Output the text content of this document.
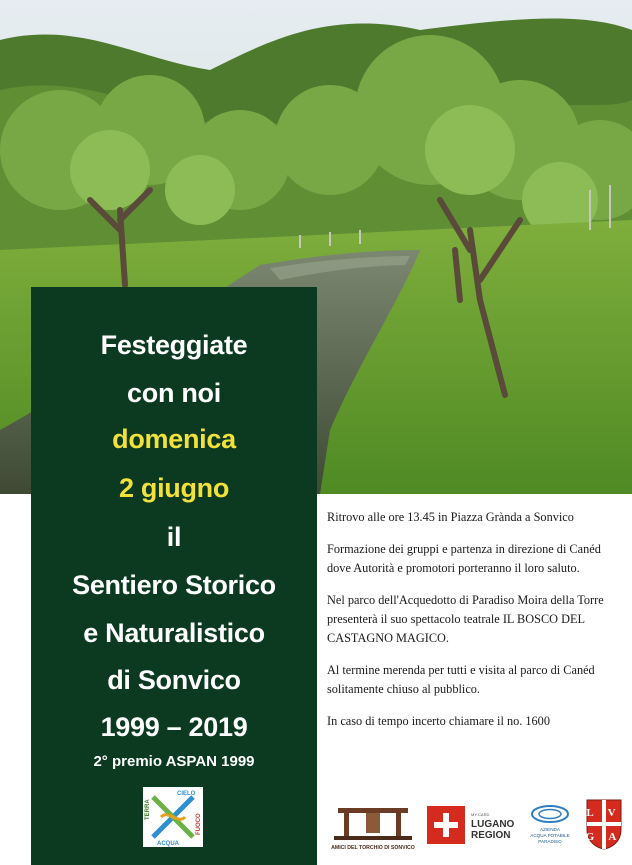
Festeggiate
con noi
domenica
2 giugno
il
Sentiero Storico
e Naturalistico
di Sonvico
1999 – 2019
2° premio ASPAN 1999
TERRA
CIELO
ACQUA
FUOCO

Ritrovo alle ore 13.45 in Piazza Grànda a Sonvico

Formazione dei gruppi e partenza in direzione di Canéd dove Autorità e promotori porteranno il loro saluto.

Nel parco dell'Acquedotto di Paradiso Moira della Torre presenterà il suo spettacolo teatrale IL BOSCO DEL CASTAGNO MAGICO.

Al termine merenda per tutti e visita al parco di Canéd solitamente chiuso al pubblico.

In caso di tempo incerto chiamare il no. 1600

AMICI DEL TORCHIO DI SONVICO
MY CARD
LUGANO
REGION
AZIENDA
ACQUA POTABILE
PARADISO
L V
G A
